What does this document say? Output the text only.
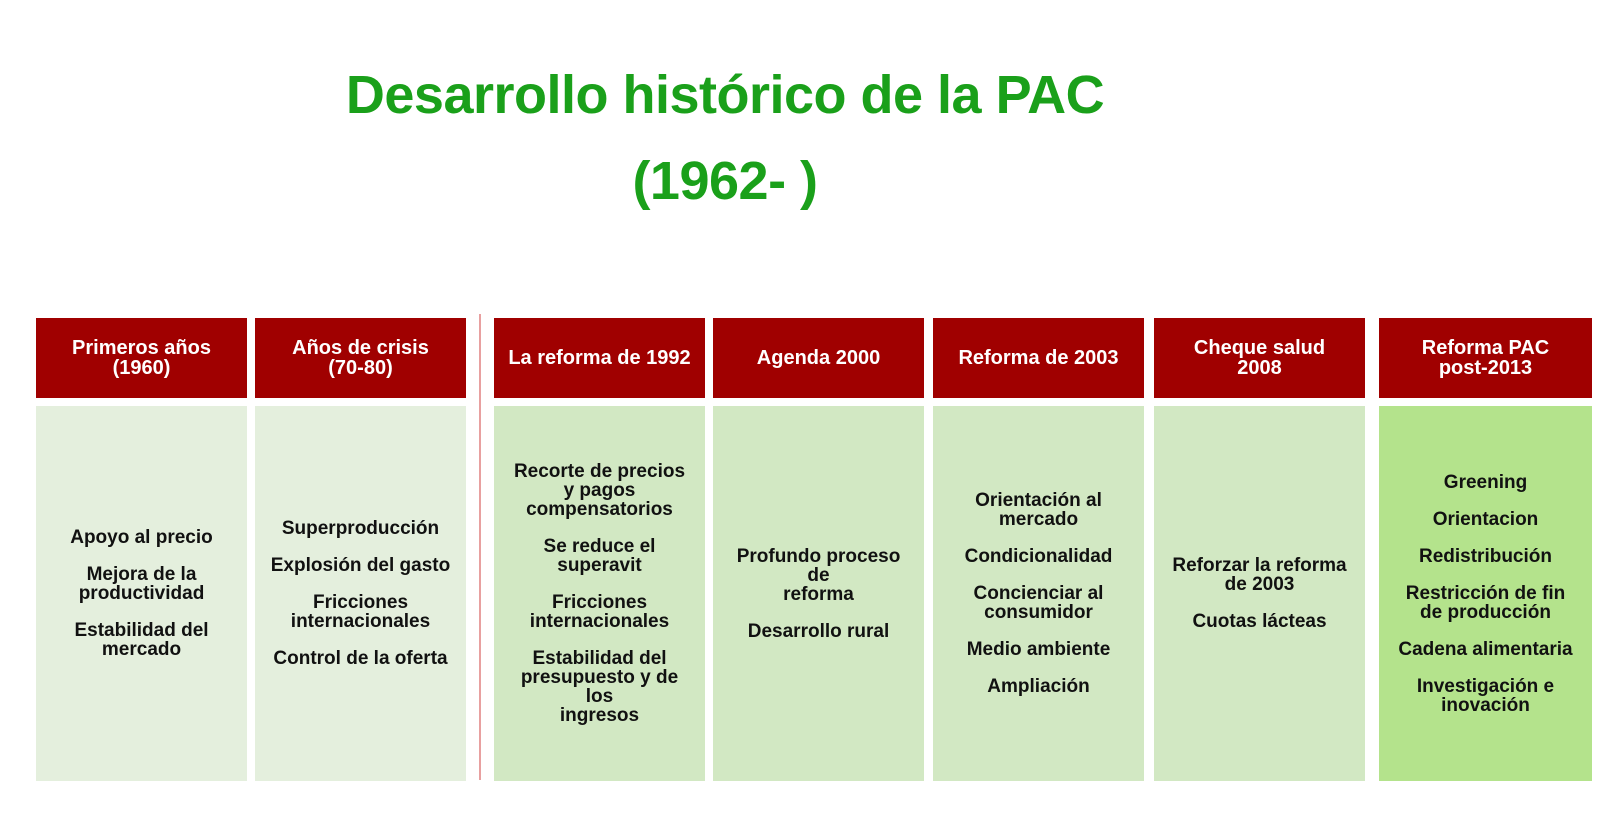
Desarrollo histórico de la PAC
(1962- )
Primeros años
(1960)
Apoyo al precio
Mejora de la
productividad
Estabilidad del
mercado
Años de crisis
(70-80)
Superproducción
Explosión del gasto
Fricciones
internacionales
Control de la oferta
La reforma de 1992
Recorte de precios
y pagos
compensatorios
Se reduce el
superavit
Fricciones
internacionales
Estabilidad del
presupuesto y de los
ingresos
Agenda 2000
Profundo proceso de
reforma
Desarrollo rural
Reforma de 2003
Orientación al
mercado
Condicionalidad
Concienciar al
consumidor
Medio ambiente
Ampliación
Cheque salud
2008
Reforzar la reforma
de 2003
Cuotas lácteas
Reforma PAC
post-2013
Greening
Orientacion
Redistribución
Restricción de fin
de producción
Cadena alimentaria
Investigación e
inovación
